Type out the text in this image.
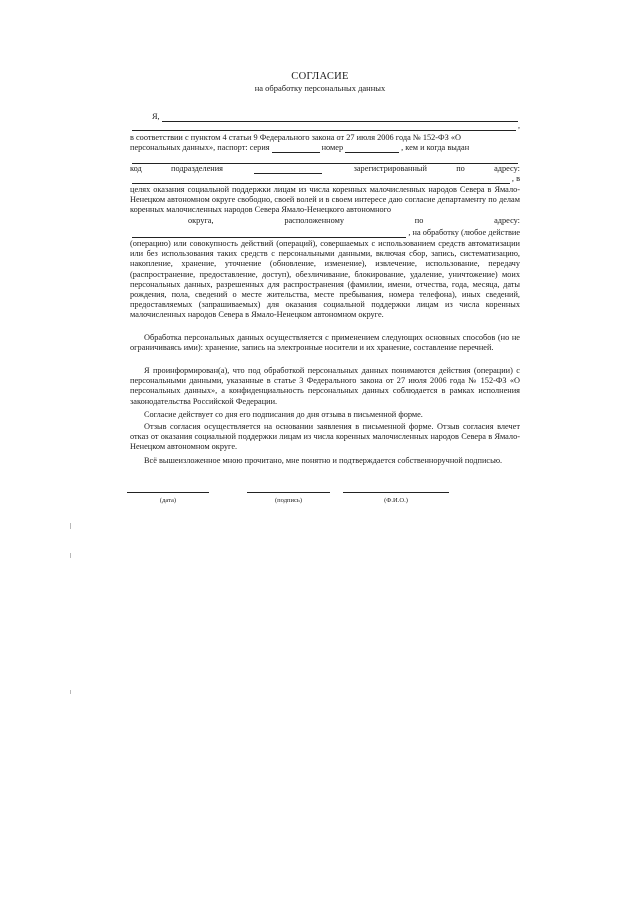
СОГЛАСИЕ
на обработку персональных данных
Я,
,
в соответствии с пунктом 4 статьи 9 Федерального закона от 27 июля 2006 года № 152-ФЗ «О
персональных данных», паспорт: серия	номер	, кем и когда выдан
код	подразделения	зарегистрированный	по	адресу:
, в
целях оказания социальной поддержки лицам из числа коренных малочисленных народов Севера в Ямало-Ненецком автономном округе свободно, своей волей и в своем интересе даю согласие департаменту по делам коренных малочисленных народов Севера Ямало-Ненецкого автономного
округа,	расположенному	по	адресу:
, на обработку (любое действие
(операцию) или совокупность действий (операций), совершаемых с использованием средств автоматизации или без использования таких средств с персональными данными, включая сбор, запись, систематизацию, накопление, хранение, уточнение (обновление, изменение), извлечение, использование, передачу (распространение, предоставление, доступ), обезличивание, блокирование, удаление, уничтожение) моих персональных данных, разрешенных для распространения (фамилии, имени, отчества, года, месяца, даты рождения, пола, сведений о месте жительства, месте пребывания, номера телефона), иных сведений, предоставляемых (запрашиваемых) для оказания социальной поддержки лицам из числа коренных малочисленных народов Севера в Ямало-Ненецком автономном округе.
Обработка персональных данных осуществляется с применением следующих основных способов (но не ограничиваясь ими): хранение, запись на электронные носители и их хранение, составление перечней.
Я проинформирован(а), что под обработкой персональных данных понимаются действия (операции) с персональными данными, указанные в статье 3 Федерального закона от 27 июля 2006 года № 152-ФЗ «О персональных данных», а конфиденциальность персональных данных соблюдается в рамках исполнения законодательства Российской Федерации.
Согласие действует со дня его подписания до дня отзыва в письменной форме.
Отзыв согласия осуществляется на основании заявления в письменной форме. Отзыв согласия влечет отказ от оказания социальной поддержки лицам из числа коренных малочисленных народов Севера в Ямало-Ненецком автономном округе.
Всё вышеизложенное мною прочитано, мне понятно и подтверждается собственноручной подписью.
(дата)	(подпись)	(Ф.И.О.)
